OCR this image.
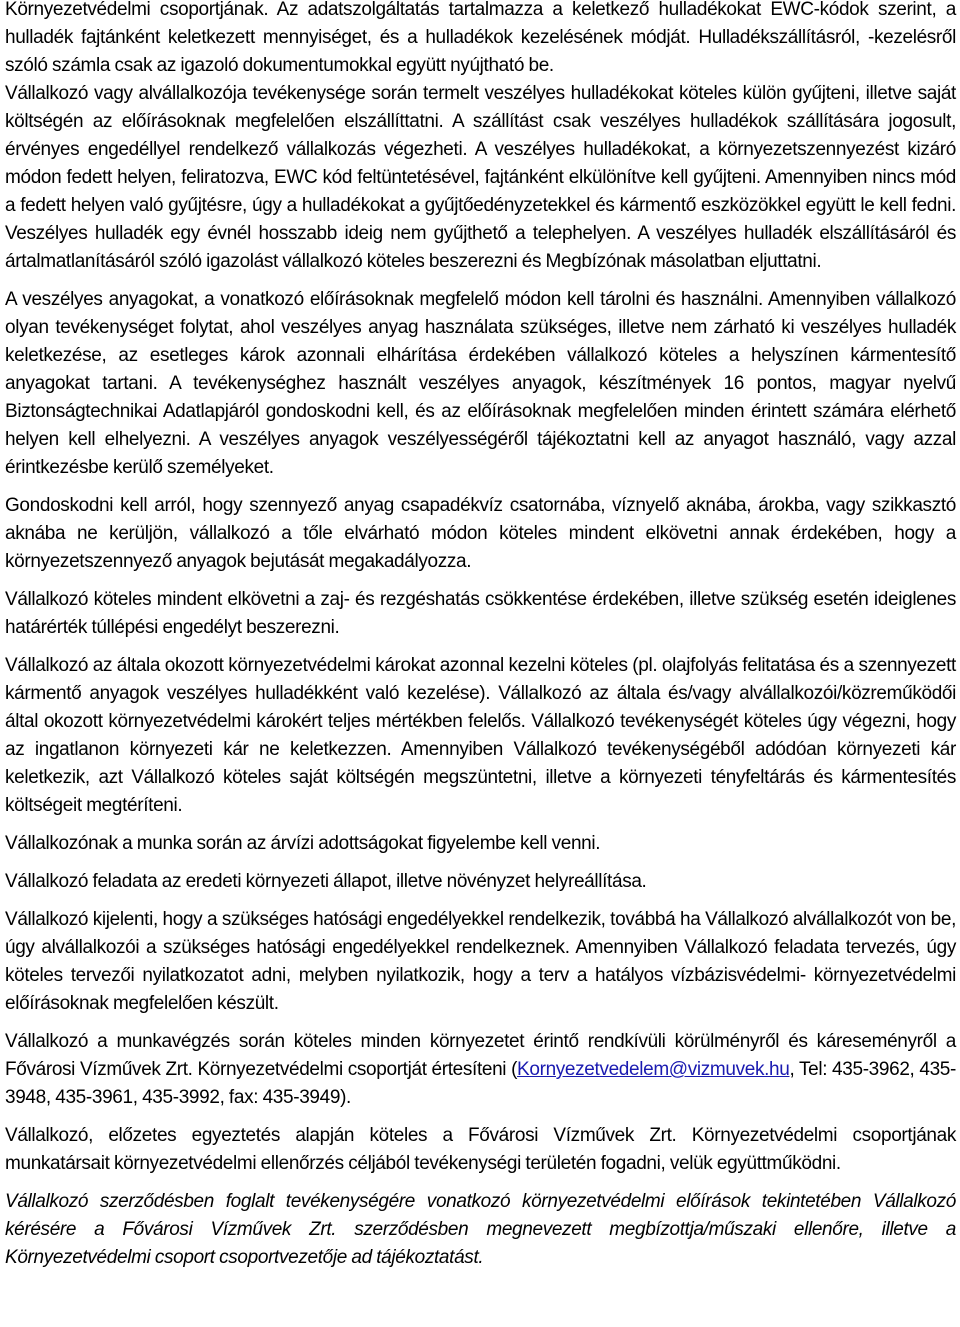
Környezetvédelmi csoportjának. Az adatszolgáltatás tartalmazza a keletkező hulladékokat EWC-kódok szerint, a hulladék fajtánként keletkezett mennyiséget, és a hulladékok kezelésének módját. Hulladékszállításról, -kezelésről szóló számla csak az igazoló dokumentumokkal együtt nyújtható be.
Vállalkozó vagy alvállalkozója tevékenysége során termelt veszélyes hulladékokat köteles külön gyűjteni, illetve saját költségén az előírásoknak megfelelően elszállíttatni. A szállítást csak veszélyes hulladékok szállítására jogosult, érvényes engedéllyel rendelkező vállalkozás végezheti. A veszélyes hulladékokat, a környezetszennyezést kizáró módon fedett helyen, feliratozva, EWC kód feltüntetésével, fajtánként elkülönítve kell gyűjteni. Amennyiben nincs mód a fedett helyen való gyűjtésre, úgy a hulladékokat a gyűjtőedényzetekkel és kármentő eszközökkel együtt le kell fedni. Veszélyes hulladék egy évnél hosszabb ideig nem gyűjthető a telephelyen. A veszélyes hulladék elszállításáról és ártalmatlanításáról szóló igazolást vállalkozó köteles beszerezni és Megbízónak másolatban eljuttatni.

A veszélyes anyagokat, a vonatkozó előírásoknak megfelelő módon kell tárolni és használni. Amennyiben vállalkozó olyan tevékenységet folytat, ahol veszélyes anyag használata szükséges, illetve nem zárható ki veszélyes hulladék keletkezése, az esetleges károk azonnali elhárítása érdekében vállalkozó köteles a helyszínen kármentesítő anyagokat tartani. A tevékenységhez használt veszélyes anyagok, készítmények 16 pontos, magyar nyelvű Biztonságtechnikai Adatlapjáról gondoskodni kell, és az előírásoknak megfelelően minden érintett számára elérhető helyen kell elhelyezni. A veszélyes anyagok veszélyességéről tájékoztatni kell az anyagot használó, vagy azzal érintkezésbe kerülő személyeket.

Gondoskodni kell arról, hogy szennyező anyag csapadékvíz csatornába, víznyelő aknába, árokba, vagy szikkasztó aknába ne kerüljön, vállalkozó a tőle elvárható módon köteles mindent elkövetni annak érdekében, hogy a környezetszennyező anyagok bejutását megakadályozza.

Vállalkozó köteles mindent elkövetni a zaj- és rezgéshatás csökkentése érdekében, illetve szükség esetén ideiglenes határérték túllépési engedélyt beszerezni.

Vállalkozó az általa okozott környezetvédelmi károkat azonnal kezelni köteles (pl. olajfolyás felitatása és a szennyezett kármentő anyagok veszélyes hulladékként való kezelése). Vállalkozó az általa és/vagy alvállalkozói/közreműködői által okozott környezetvédelmi károkért teljes mértékben felelős. Vállalkozó tevékenységét köteles úgy végezni, hogy az ingatlanon környezeti kár ne keletkezzen. Amennyiben Vállalkozó tevékenységéből adódóan környezeti kár keletkezik, azt Vállalkozó köteles saját költségén megszüntetni, illetve a környezeti tényfeltárás és kármentesítés költségeit megtéríteni.

Vállalkozónak a munka során az árvízi adottságokat figyelembe kell venni.

Vállalkozó feladata az eredeti környezeti állapot, illetve növényzet helyreállítása.

Vállalkozó kijelenti, hogy a szükséges hatósági engedélyekkel rendelkezik, továbbá ha Vállalkozó alvállalkozót von be, úgy alvállalkozói a szükséges hatósági engedélyekkel rendelkeznek. Amennyiben Vállalkozó feladata tervezés, úgy köteles tervezői nyilatkozatot adni, melyben nyilatkozik, hogy a terv a hatályos vízbázisvédelmi- környezetvédelmi előírásoknak megfelelően készült.

Vállalkozó a munkavégzés során köteles minden környezetet érintő rendkívüli körülményről és káreseményről a Fővárosi Vízművek Zrt. Környezetvédelmi csoportját értesíteni (Kornyezetvedelem@vizmuvek.hu, Tel: 435-3962, 435-3948, 435-3961, 435-3992, fax: 435-3949).

Vállalkozó, előzetes egyeztetés alapján köteles a Fővárosi Vízművek Zrt. Környezetvédelmi csoportjának munkatársait környezetvédelmi ellenőrzés céljából tevékenységi területén fogadni, velük együttműködni.

Vállalkozó szerződésben foglalt tevékenységére vonatkozó környezetvédelmi előírások tekintetében Vállalkozó kérésére a Fővárosi Vízművek Zrt. szerződésben megnevezett megbízottja/műszaki ellenőre, illetve a Környezetvédelmi csoport csoportvezetője ad tájékoztatást.
